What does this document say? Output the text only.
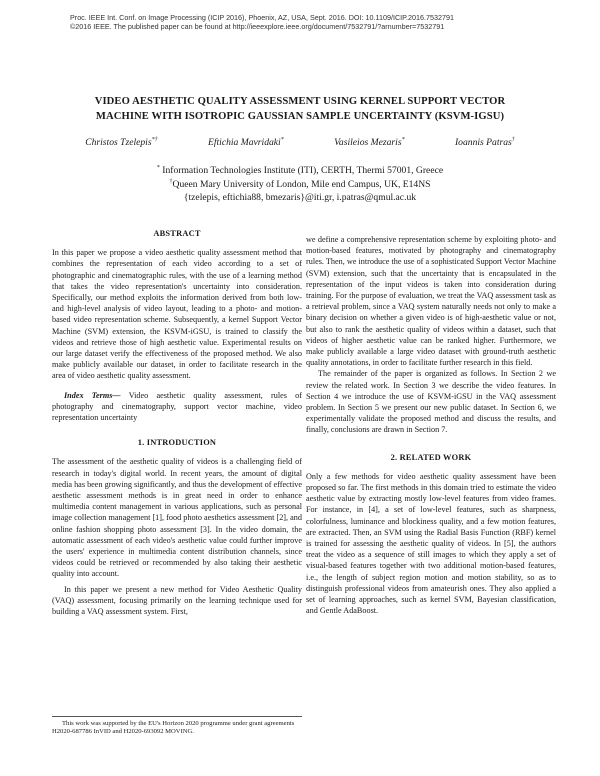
Proc. IEEE Int. Conf. on Image Processing (ICIP 2016), Phoenix, AZ, USA, Sept. 2016. DOI: 10.1109/ICIP.2016.7532791
©2016 IEEE. The published paper can be found at http://ieeexplore.ieee.org/document/7532791/?arnumber=7532791
VIDEO AESTHETIC QUALITY ASSESSMENT USING KERNEL SUPPORT VECTOR
MACHINE WITH ISOTROPIC GAUSSIAN SAMPLE UNCERTAINTY (KSVM-IGSU)
Christos Tzelepis*†	Eftichia Mavridaki*	Vasileios Mezaris*	Ioannis Patras†
* Information Technologies Institute (ITI), CERTH, Thermi 57001, Greece
†Queen Mary University of London, Mile end Campus, UK, E14NS
{tzelepis, eftichia88, bmezaris}@iti.gr, i.patras@qmul.ac.uk
ABSTRACT

In this paper we propose a video aesthetic quality assessment method that combines the representation of each video according to a set of photographic and cinematographic rules, with the use of a learning method that takes the video representation's uncertainty into consideration. Specifically, our method exploits the information derived from both low- and high-level analysis of video layout, leading to a photo- and motion-based video representation scheme. Subsequently, a kernel Support Vector Machine (SVM) extension, the KSVM-iGSU, is trained to classify the videos and retrieve those of high aesthetic value. Experimental results on our large dataset verify the effectiveness of the proposed method. We also make publicly available our dataset, in order to facilitate research in the area of video aesthetic quality assessment.

Index Terms— Video aesthetic quality assessment, rules of photography and cinematography, support vector machine, video representation uncertainty

1. INTRODUCTION

The assessment of the aesthetic quality of videos is a challenging field of research in today's digital world. In recent years, the amount of digital media has been growing significantly, and thus the development of effective aesthetic assessment methods is in great need in order to enhance multimedia content management in various applications, such as personal image collection management [1], food photo aesthetics assessment [2], and online fashion shopping photo assessment [3]. In the video domain, the automatic assessment of each video's aesthetic value could further improve the users' experience in multimedia content distribution channels, since videos could be retrieved or recommended by also taking their aesthetic quality into account.

In this paper we present a new method for Video Aesthetic Quality (VAQ) assessment, focusing primarily on the learning technique used for building a VAQ assessment system. First,

we define a comprehensive representation scheme by exploiting photo- and motion-based features, motivated by photography and cinematography rules. Then, we introduce the use of a sophisticated Support Vector Machine (SVM) extension, such that the uncertainty that is encapsulated in the representation of the input videos is taken into consideration during training. For the purpose of evaluation, we treat the VAQ assessment task as a retrieval problem, since a VAQ system naturally needs not only to make a binary decision on whether a given video is of high-aesthetic value or not, but also to rank the aesthetic quality of videos within a dataset, such that videos of higher aesthetic value can be ranked higher. Furthermore, we make publicly available a large video dataset with ground-truth aesthetic quality annotations, in order to facilitate further research in this field.

The remainder of the paper is organized as follows. In Section 2 we review the related work. In Section 3 we describe the video features. In Section 4 we introduce the use of KSVM-iGSU in the VAQ assessment problem. In Section 5 we present our new public dataset. In Section 6, we experimentally validate the proposed method and discuss the results, and finally, conclusions are drawn in Section 7.

2. RELATED WORK

Only a few methods for video aesthetic quality assessment have been proposed so far. The first methods in this domain tried to estimate the video aesthetic value by extracting mostly low-level features from video frames. For instance, in [4], a set of low-level features, such as sharpness, colorfulness, luminance and blockiness quality, and a few motion features, are extracted. Then, an SVM using the Radial Basis Function (RBF) kernel is trained for assessing the aesthetic quality of videos. In [5], the authors treat the video as a sequence of still images to which they apply a set of visual-based features together with two additional motion-based features, i.e., the length of subject region motion and motion stability, so as to distinguish professional videos from amateurish ones. They also applied a set of learning approaches, such as kernel SVM, Bayesian classification, and Gentle AdaBoost.

This work was supported by the EU's Horizon 2020 programme under grant agreements H2020-687786 InVID and H2020-693092 MOVING.
